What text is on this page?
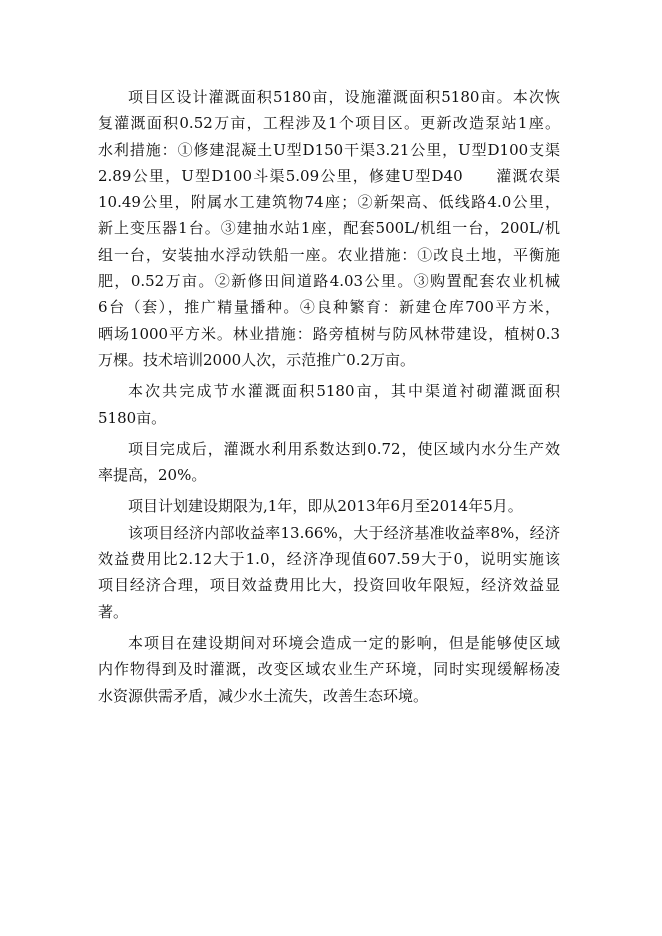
项目区设计灌溉面积5180亩，设施灌溉面积5180亩。本次恢
复灌溉面积0.52万亩，工程涉及1个项目区。更新改造泵站1座。
水利措施：①修建混凝土U型D150干渠3.21公里，U型D100支渠
2.89公里，U型D100斗渠5.09公里，修建U型D40　　灌溉农渠
10.49公里，附属水工建筑物74座；②新架高、低线路4.0公里，
新上变压器1台。③建抽水站1座，配套500L/机组一台，200L/机
组一台，安装抽水浮动铁船一座。农业措施：①改良土地，平衡施
肥，0.52万亩。②新修田间道路4.03公里。③购置配套农业机械
6台（套），推广精量播种。④良种繁育：新建仓库700平方米，
晒场1000平方米。林业措施：路旁植树与防风林带建设，植树0.3
万棵。技术培训2000人次，示范推广0.2万亩。
本次共完成节水灌溉面积5180亩，其中渠道衬砌灌溉面积
5180亩。
项目完成后，灌溉水利用系数达到0.72，使区域内水分生产效
率提高，20%。
项目计划建设期限为,1年，即从2013年6月至2014年5月。
该项目经济内部收益率13.66%，大于经济基准收益率8%，经济
效益费用比2.12大于1.0，经济净现值607.59大于0，说明实施该
项目经济合理，项目效益费用比大，投资回收年限短，经济效益显
著。
本项目在建设期间对环境会造成一定的影响，但是能够使区域
内作物得到及时灌溉，改变区域农业生产环境，同时实现缓解杨凌
水资源供需矛盾，减少水土流失，改善生态环境。
